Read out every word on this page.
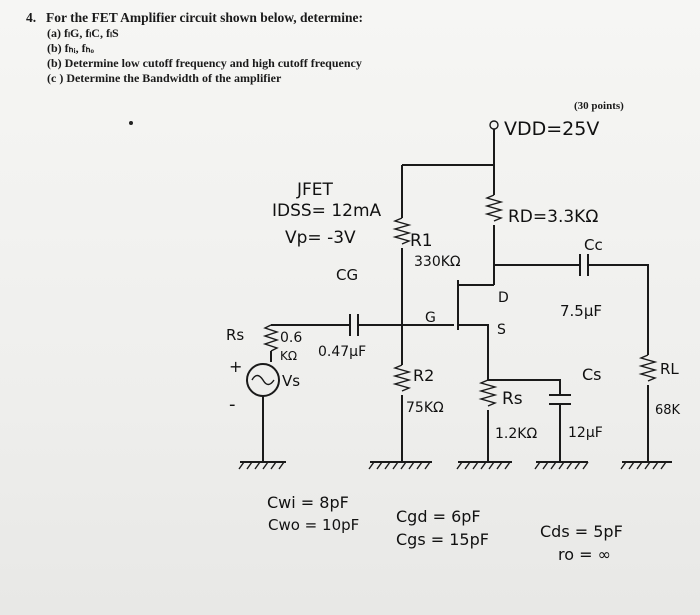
4. For the FET Amplifier circuit shown below, determine:
(a) fₗG, fₗC, fₗS
(b) fₕᵢ, fₕₒ
(b) Determine low cutoff frequency and high cutoff frequency
(c ) Determine the Bandwidth of the amplifier
(30 points)
VDD=25V
R1
330KΩ
RD=3.3KΩ
Cc
7.5µF
RL
68K
D
S
G
JFET
IDSS= 12mA
Vp= -3V
Rs
1.2KΩ
Cs
12µF
R2
75KΩ
CG
0.47µF
Rs	0.6
KΩ
+
-
Vs
Cwi = 8pF
Cwo = 10pF Cgd = 6pF
Cgs = 15pF	Cds = 5pF
ro = ∞
